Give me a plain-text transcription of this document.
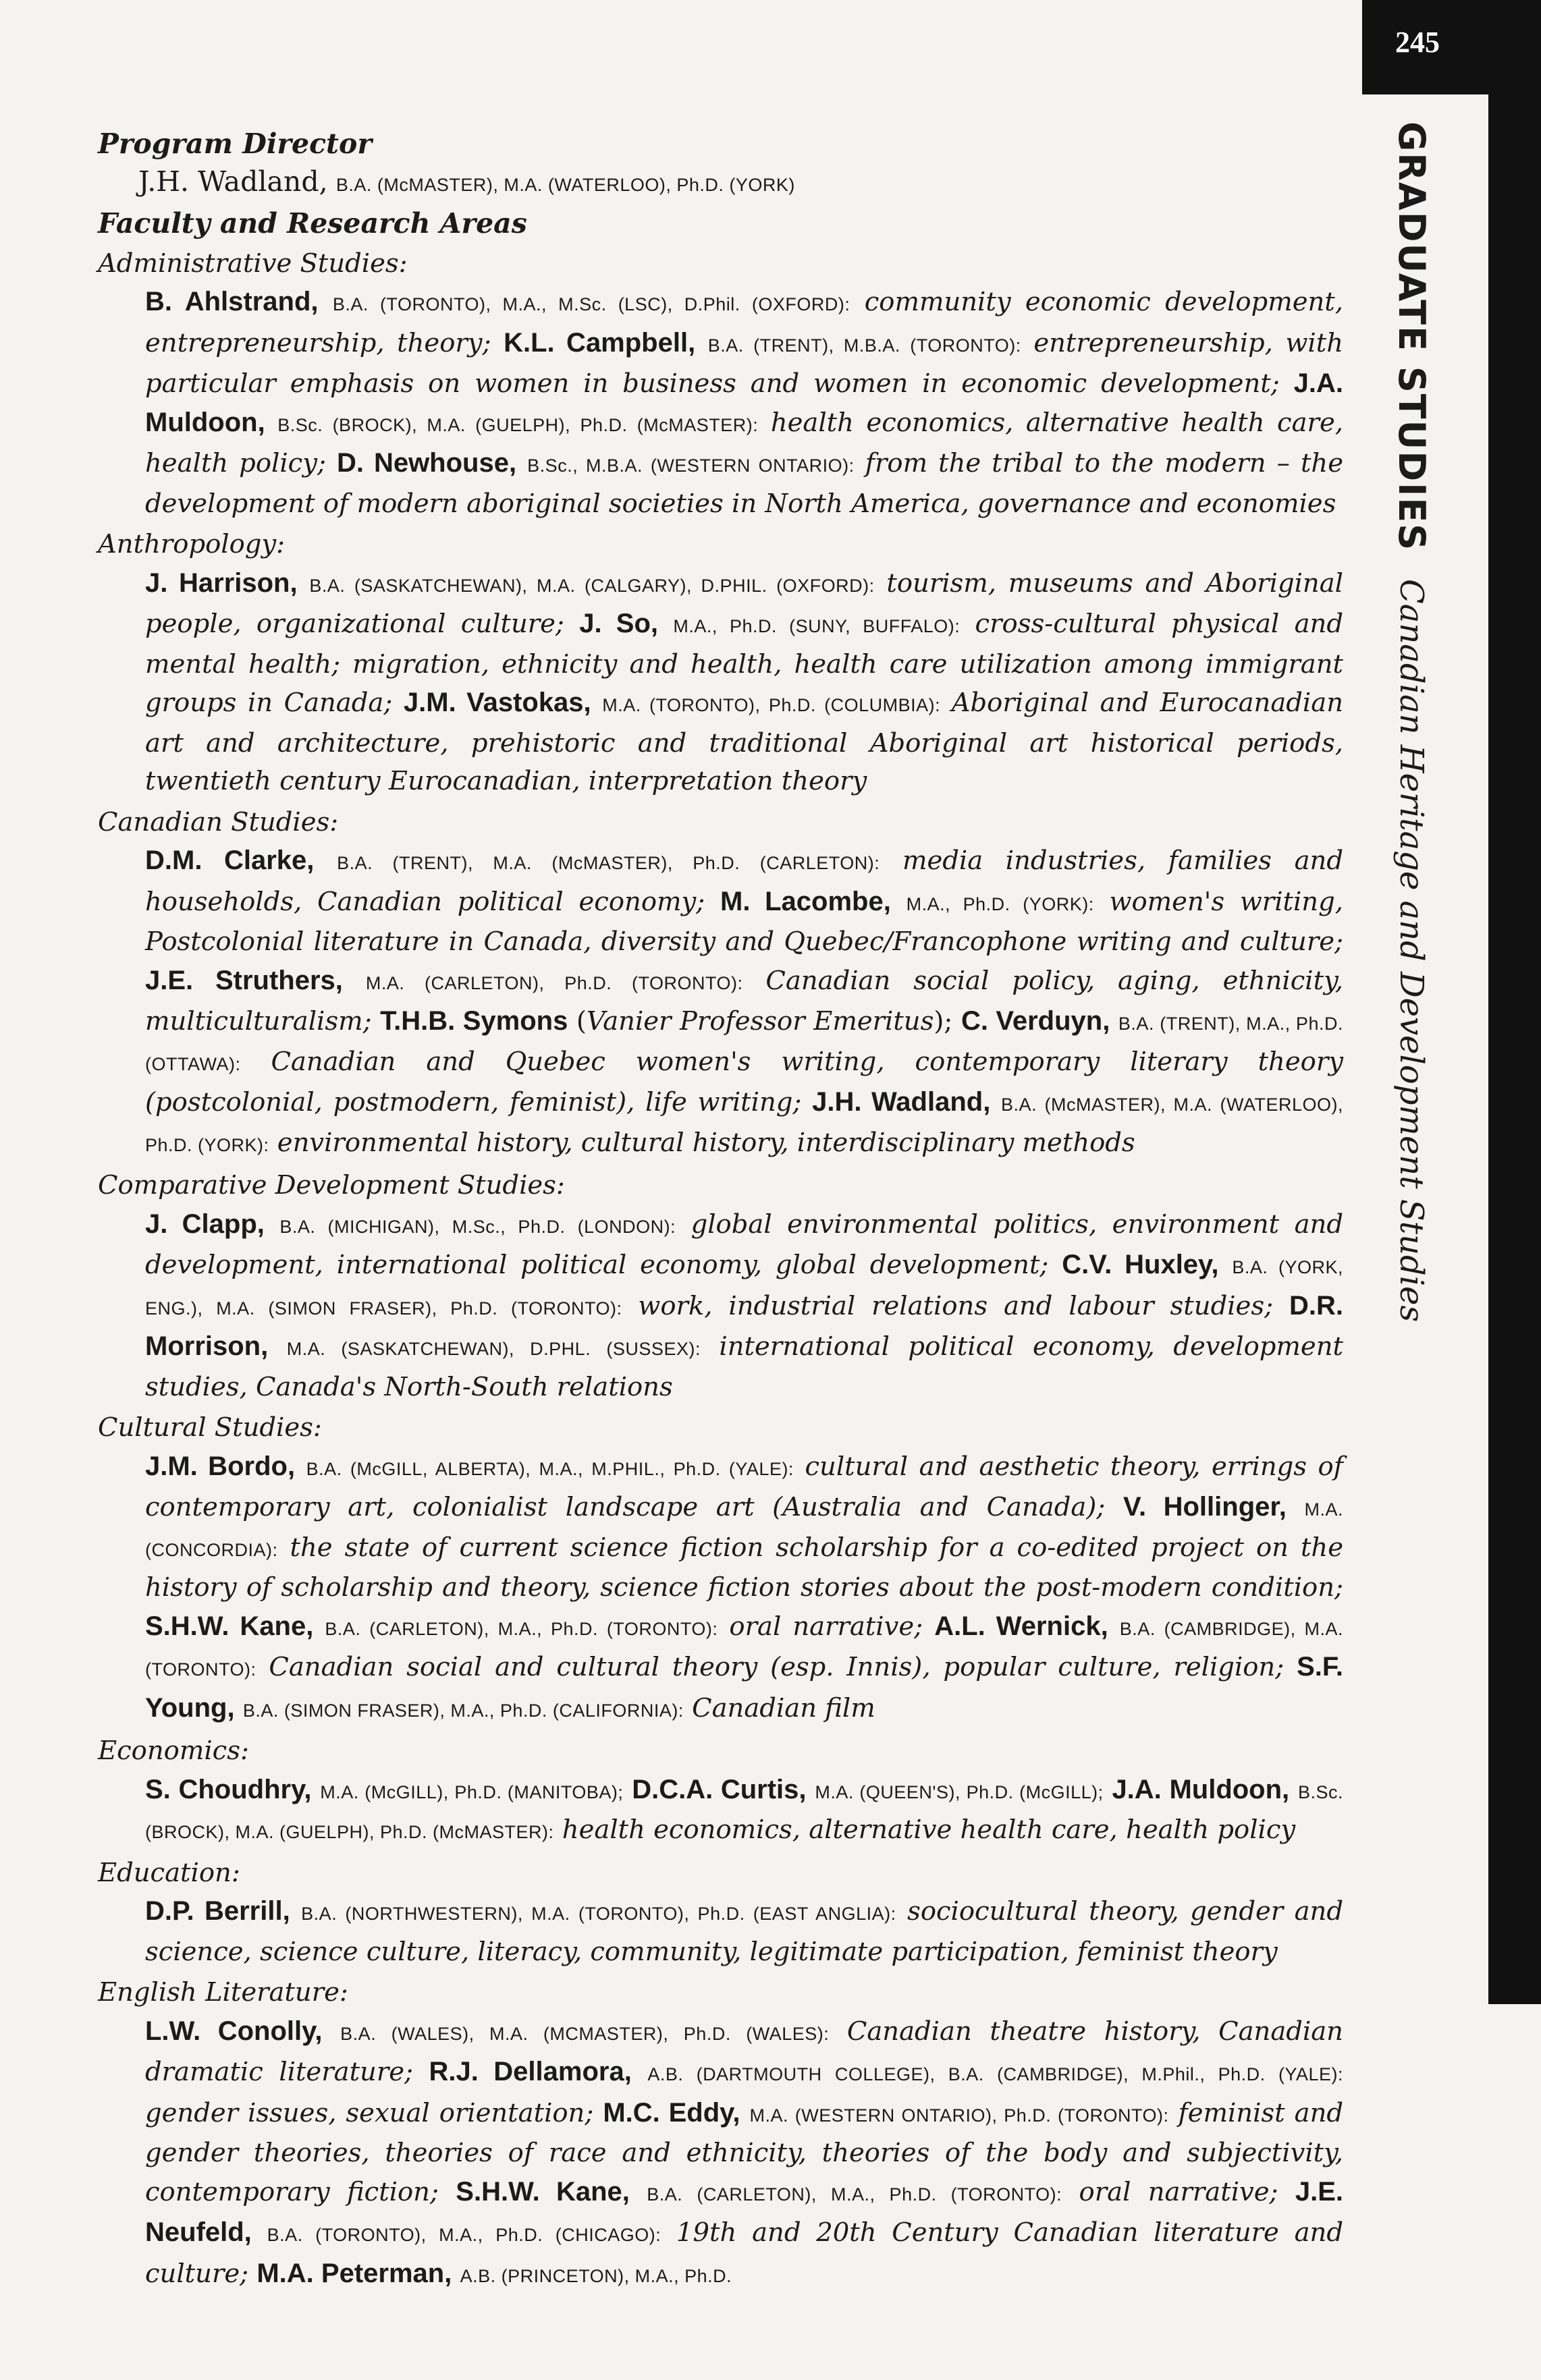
245
GRADUATE STUDIES Canadian Heritage and Development Studies

Program Director

J.H. Wadland, B.A. (McMASTER), M.A. (WATERLOO), Ph.D. (YORK)

Faculty and Research Areas

Administrative Studies:

B. Ahlstrand, B.A. (TORONTO), M.A., M.Sc. (LSC), D.Phil. (OXFORD): community economic development, entrepreneurship, theory; K.L. Campbell, B.A. (TRENT), M.B.A. (TORONTO): entrepreneurship, with particular emphasis on women in business and women in economic development; J.A. Muldoon, B.Sc. (BROCK), M.A. (GUELPH), Ph.D. (McMASTER): health economics, alternative health care, health policy; D. Newhouse, B.Sc., M.B.A. (WESTERN ONTARIO): from the tribal to the modern – the development of modern aboriginal societies in North America, governance and economies

Anthropology:

J. Harrison, B.A. (SASKATCHEWAN), M.A. (CALGARY), D.PHIL. (OXFORD): tourism, museums and Aboriginal people, organizational culture; J. So, M.A., Ph.D. (SUNY, BUFFALO): cross-cultural physical and mental health; migration, ethnicity and health, health care utilization among immigrant groups in Canada; J.M. Vastokas, M.A. (TORONTO), Ph.D. (COLUMBIA): Aboriginal and Eurocanadian art and architecture, prehistoric and traditional Aboriginal art historical periods, twentieth century Eurocanadian, interpretation theory

Canadian Studies:

D.M. Clarke, B.A. (TRENT), M.A. (McMASTER), Ph.D. (CARLETON): media industries, families and households, Canadian political economy; M. Lacombe, M.A., Ph.D. (YORK): women's writing, Postcolonial literature in Canada, diversity and Quebec/Francophone writing and culture; J.E. Struthers, M.A. (CARLETON), Ph.D. (TORONTO): Canadian social policy, aging, ethnicity, multiculturalism; T.H.B. Symons (Vanier Professor Emeritus); C. Verduyn, B.A. (TRENT), M.A., Ph.D. (OTTAWA): Canadian and Quebec women's writing, contemporary literary theory (postcolonial, postmodern, feminist), life writing; J.H. Wadland, B.A. (McMASTER), M.A. (WATERLOO), Ph.D. (YORK): environmental history, cultural history, interdisciplinary methods

Comparative Development Studies:

J. Clapp, B.A. (MICHIGAN), M.Sc., Ph.D. (LONDON): global environmental politics, environment and development, international political economy, global development; C.V. Huxley, B.A. (YORK, ENG.), M.A. (SIMON FRASER), Ph.D. (TORONTO): work, industrial relations and labour studies; D.R. Morrison, M.A. (SASKATCHEWAN), D.PHL. (SUSSEX): international political economy, development studies, Canada's North-South relations

Cultural Studies:

J.M. Bordo, B.A. (McGILL, ALBERTA), M.A., M.PHIL., Ph.D. (YALE): cultural and aesthetic theory, errings of contemporary art, colonialist landscape art (Australia and Canada); V. Hollinger, M.A. (CONCORDIA): the state of current science fiction scholarship for a co-edited project on the history of scholarship and theory, science fiction stories about the post-modern condition; S.H.W. Kane, B.A. (CARLETON), M.A., Ph.D. (TORONTO): oral narrative; A.L. Wernick, B.A. (CAMBRIDGE), M.A. (TORONTO): Canadian social and cultural theory (esp. Innis), popular culture, religion; S.F. Young, B.A. (SIMON FRASER), M.A., Ph.D. (CALIFORNIA): Canadian film

Economics:

S. Choudhry, M.A. (McGILL), Ph.D. (MANITOBA); D.C.A. Curtis, M.A. (QUEEN'S), Ph.D. (McGILL); J.A. Muldoon, B.Sc. (BROCK), M.A. (GUELPH), Ph.D. (McMASTER): health economics, alternative health care, health policy

Education:

D.P. Berrill, B.A. (NORTHWESTERN), M.A. (TORONTO), Ph.D. (EAST ANGLIA): sociocultural theory, gender and science, science culture, literacy, community, legitimate participation, feminist theory

English Literature:

L.W. Conolly, B.A. (WALES), M.A. (MCMASTER), Ph.D. (WALES): Canadian theatre history, Canadian dramatic literature; R.J. Dellamora, A.B. (DARTMOUTH COLLEGE), B.A. (CAMBRIDGE), M.Phil., Ph.D. (YALE): gender issues, sexual orientation; M.C. Eddy, M.A. (WESTERN ONTARIO), Ph.D. (TORONTO): feminist and gender theories, theories of race and ethnicity, theories of the body and subjectivity, contemporary fiction; S.H.W. Kane, B.A. (CARLETON), M.A., Ph.D. (TORONTO): oral narrative; J.E. Neufeld, B.A. (TORONTO), M.A., Ph.D. (CHICAGO): 19th and 20th Century Canadian literature and culture; M.A. Peterman, A.B. (PRINCETON), M.A., Ph.D.
